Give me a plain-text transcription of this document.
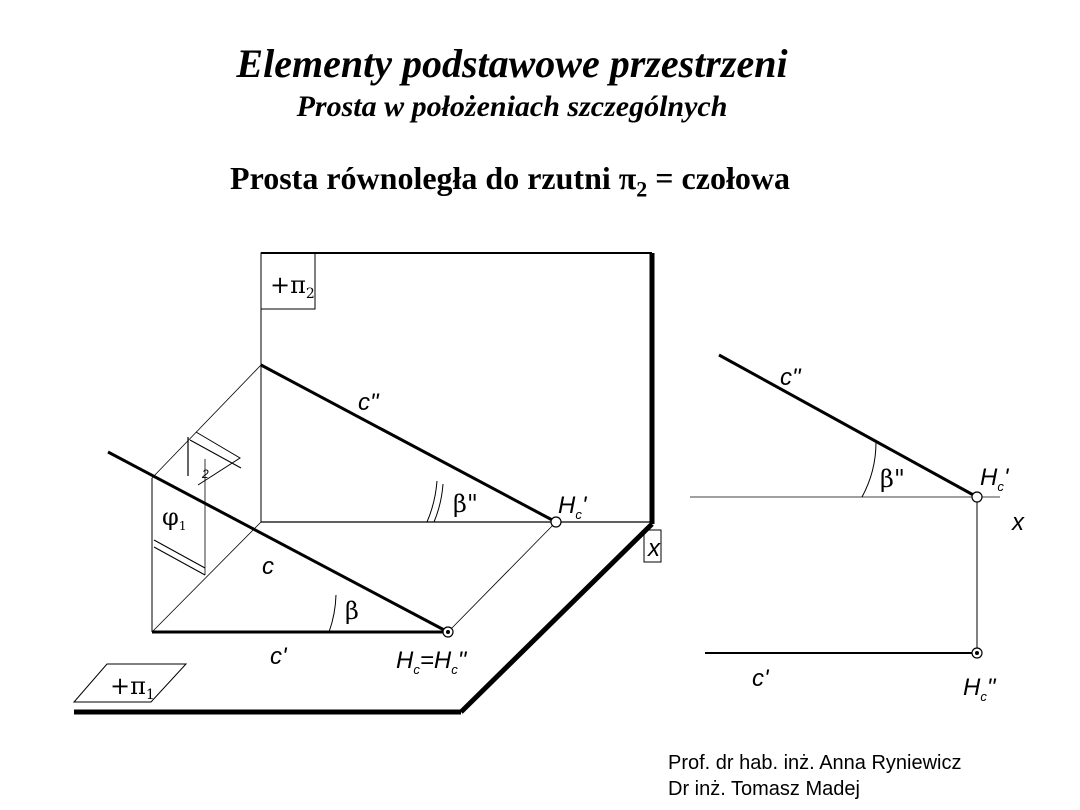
Elementy podstawowe przestrzeni
Prosta w położeniach szczególnych
Prosta równoległa do rzutni $\pi_2$ = czołowa
$+\pi_2$
x
$+\pi_1$
c"
c
c'
β
β"
$\varphi_1$
2
$H_c'$
$H_c=H_c$"
c"
β"	$H_c'$
x
c'	$H_c$"
Prof. dr hab. inż. Anna Ryniewicz
Dr inż. Tomasz Madej
